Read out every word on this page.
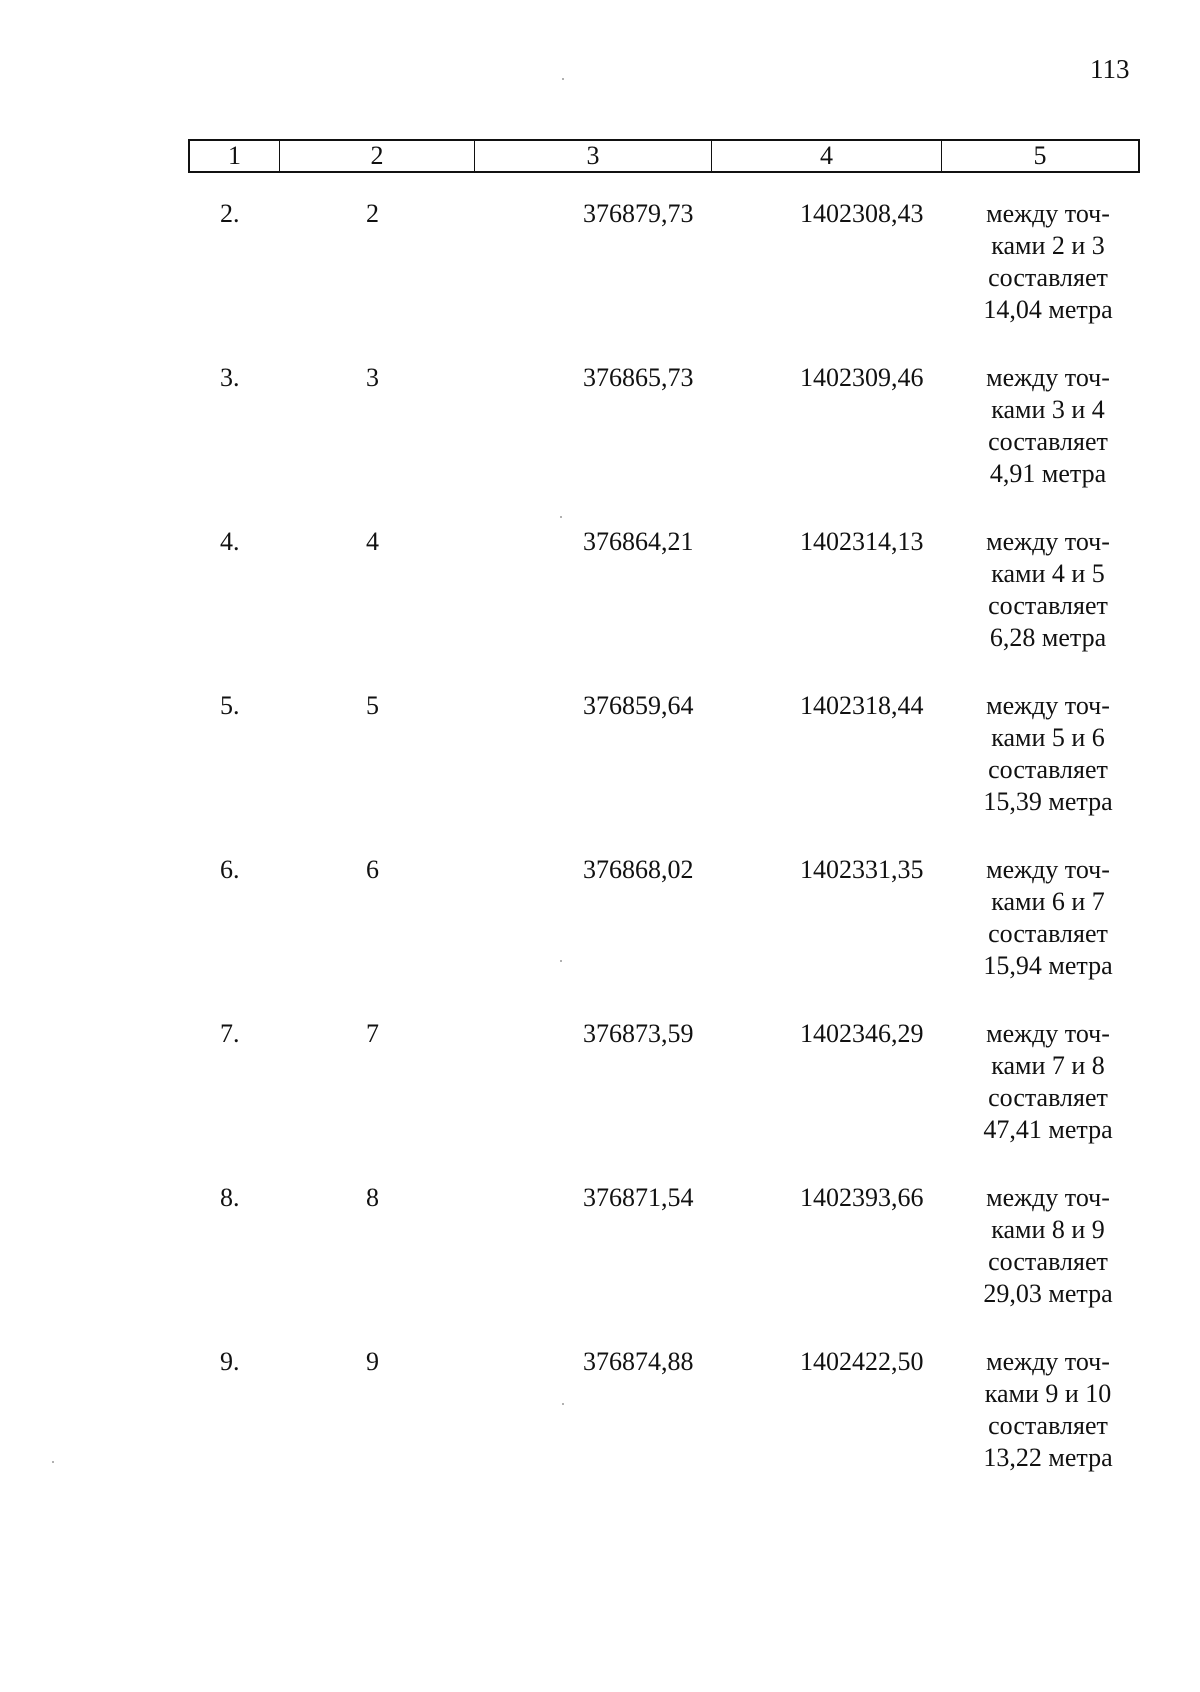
113
1	2	3	4	5
2.	2	376879,73	1402308,43	между точ-
ками 2 и 3
составляет
14,04 метра
3.	3	376865,73	1402309,46	между точ-
ками 3 и 4
составляет
4,91 метра
4.	4	376864,21	1402314,13	между точ-
ками 4 и 5
составляет
6,28 метра
5.	5	376859,64	1402318,44	между точ-
ками 5 и 6
составляет
15,39 метра
6.	6	376868,02	1402331,35	между точ-
ками 6 и 7
составляет
15,94 метра
7.	7	376873,59	1402346,29	между точ-
ками 7 и 8
составляет
47,41 метра
8.	8	376871,54	1402393,66	между точ-
ками 8 и 9
составляет
29,03 метра
9.	9	376874,88	1402422,50	между точ-
ками 9 и 10
составляет
13,22 метра
